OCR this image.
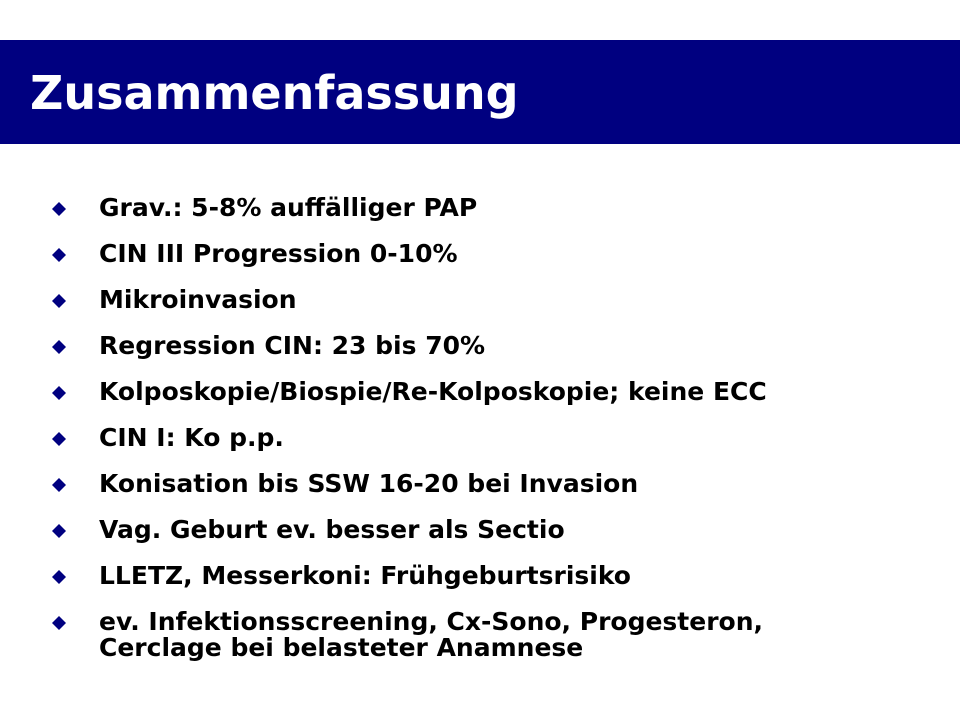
Zusammenfassung
Grav.: 5-8% auffälliger PAP
CIN III Progression 0-10%
Mikroinvasion
Regression CIN: 23 bis 70%
Kolposkopie/Biospie/Re-Kolposkopie; keine ECC
CIN I: Ko p.p.
Konisation bis SSW 16-20 bei Invasion
Vag. Geburt ev. besser als Sectio
LLETZ, Messerkoni: Frühgeburtsrisiko
ev. Infektionsscreening, Cx-Sono, Progesteron,
Cerclage bei belasteter Anamnese
